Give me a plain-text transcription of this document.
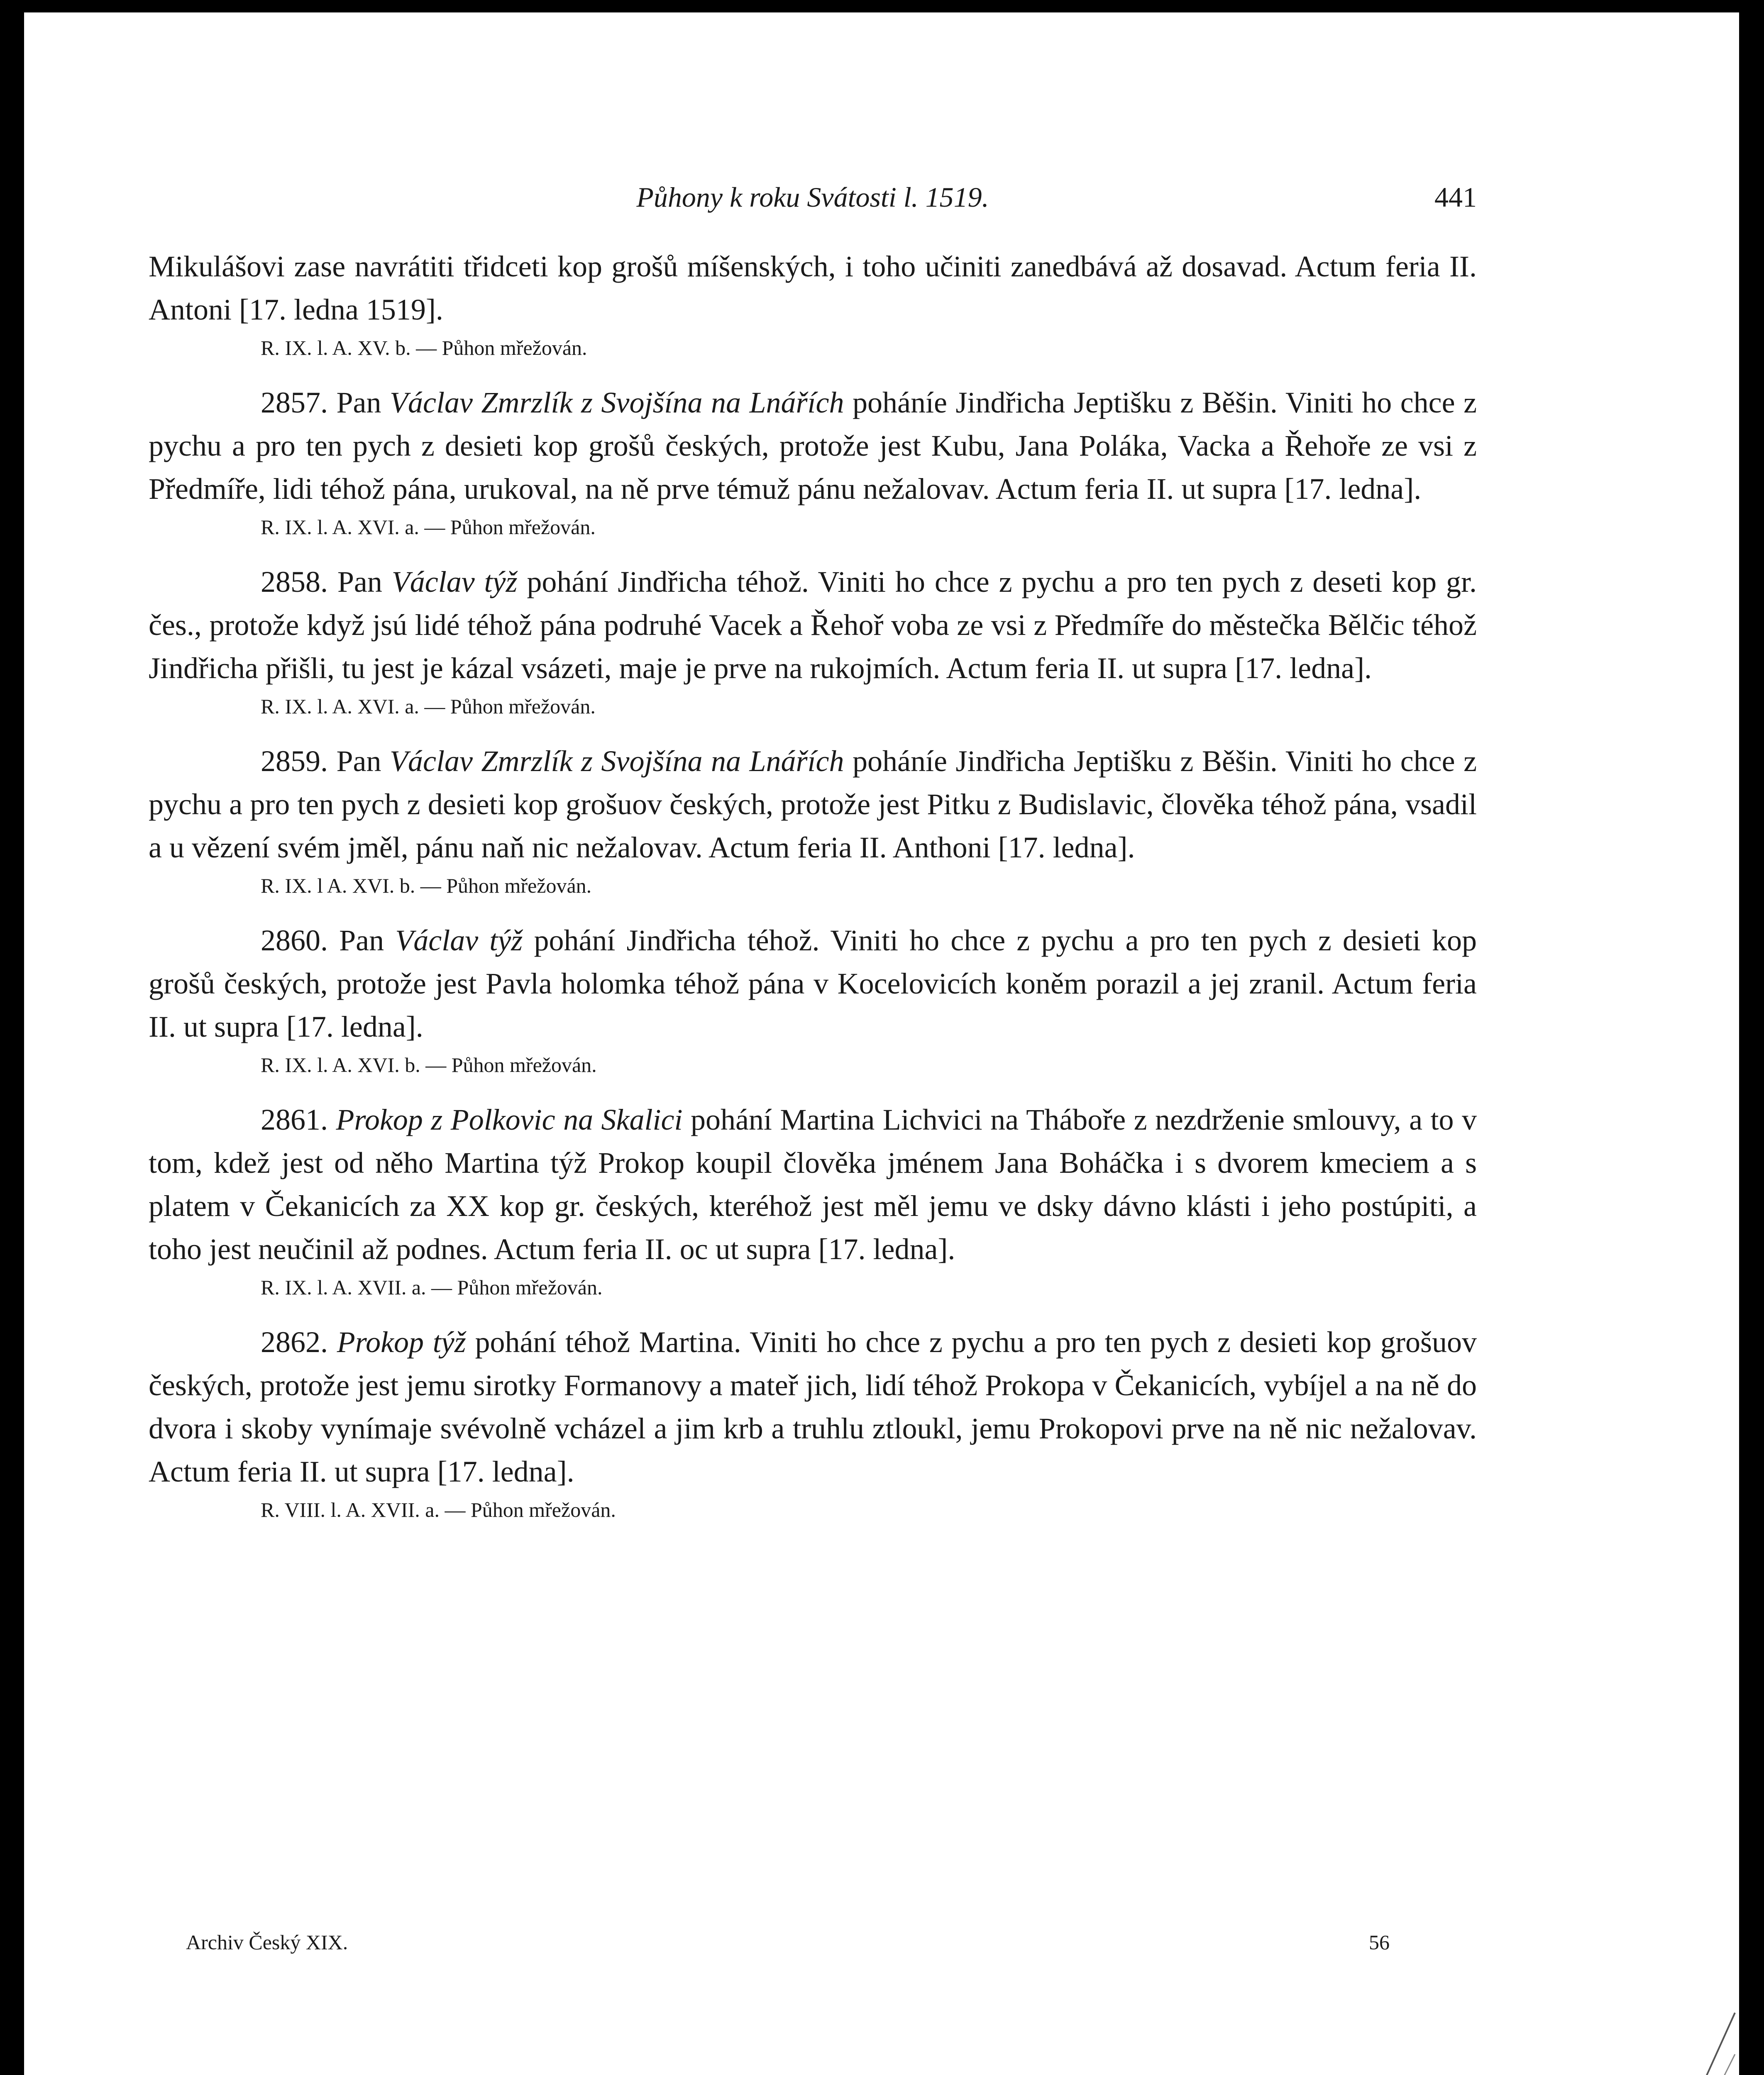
Půhony k roku Svátosti l. 1519.	441

Mikulášovi zase navrátiti třidceti kop grošů míšenských, i toho učiniti zanedbává až dosavad. Actum feria II. Antoni [17. ledna 1519].

R. IX. l. A. XV. b. — Půhon mřežován.

2857. Pan Václav Zmrzlík z Svojšína na Lnářích poháníe Jindřicha Jeptišku z Běšin. Viniti ho chce z pychu a pro ten pych z desieti kop grošů českých, protože jest Kubu, Jana Poláka, Vacka a Řehoře ze vsi z Předmíře, lidi téhož pána, urukoval, na ně prve témuž pánu nežalovav. Actum feria II. ut supra [17. ledna].

R. IX. l. A. XVI. a. — Půhon mřežován.

2858. Pan Václav týž pohání Jindřicha téhož. Viniti ho chce z pychu a pro ten pych z deseti kop gr. čes., protože když jsú lidé téhož pána podruhé Vacek a Řehoř voba ze vsi z Předmíře do městečka Bělčic téhož Jindřicha přišli, tu jest je kázal vsázeti, maje je prve na rukojmích. Actum feria II. ut supra [17. ledna].

R. IX. l. A. XVI. a. — Půhon mřežován.

2859. Pan Václav Zmrzlík z Svojšína na Lnářích poháníe Jindřicha Jeptišku z Běšin. Viniti ho chce z pychu a pro ten pych z desieti kop grošuov českých, protože jest Pitku z Budislavic, člověka téhož pána, vsadil a u vězení svém jměl, pánu naň nic nežalovav. Actum feria II. Anthoni [17. ledna].

R. IX. l A. XVI. b. — Půhon mřežován.

2860. Pan Václav týž pohání Jindřicha téhož. Viniti ho chce z pychu a pro ten pych z desieti kop grošů českých, protože jest Pavla holomka téhož pána v Kocelovicích koněm porazil a jej zranil. Actum feria II. ut supra [17. ledna].

R. IX. l. A. XVI. b. — Půhon mřežován.

2861. Prokop z Polkovic na Skalici pohání Martina Lichvici na Tháboře z nezdrženie smlouvy, a to v tom, kdež jest od něho Martina týž Prokop koupil člověka jménem Jana Boháčka i s dvorem kmeciem a s platem v Čekanicích za XX kop gr. českých, kteréhož jest měl jemu ve dsky dávno klásti i jeho postúpiti, a toho jest neučinil až podnes. Actum feria II. oc ut supra [17. ledna].

R. IX. l. A. XVII. a. — Půhon mřežován.

2862. Prokop týž pohání téhož Martina. Viniti ho chce z pychu a pro ten pych z desieti kop grošuov českých, protože jest jemu sirotky Formanovy a mateř jich, lidí téhož Prokopa v Čekanicích, vybíjel a na ně do dvora i skoby vynímaje svévolně vcházel a jim krb a truhlu ztloukl, jemu Prokopovi prve na ně nic nežalovav. Actum feria II. ut supra [17. ledna].

R. VIII. l. A. XVII. a. — Půhon mřežován.

Archiv Český XIX.	56
